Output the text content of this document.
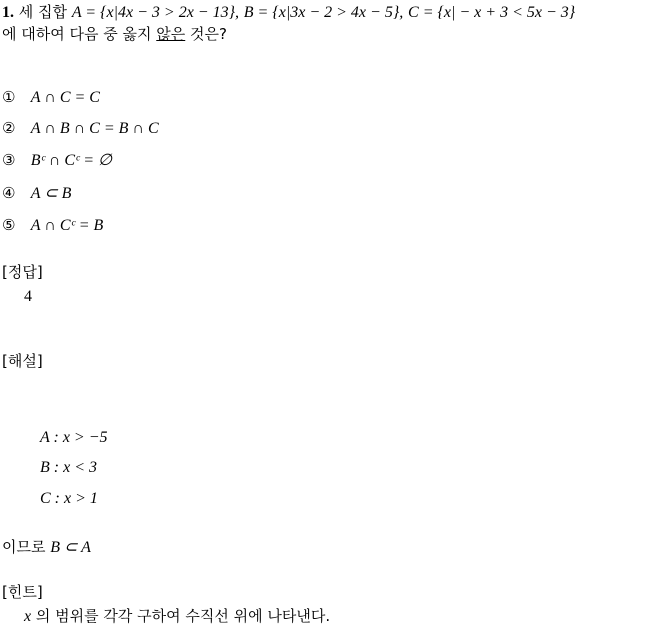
1. 세 집합 A = {x|4x − 3 > 2x − 13}, B = {x|3x − 2 > 4x − 5}, C = {x| − x + 3 < 5x − 3}
에 대하여 다음 중 옳지 않은 것은?
① A ∩ C = C
② A ∩ B ∩ C = B ∩ C
③ Bᶜ ∩ Cᶜ = ∅
④ A ⊂ B
⑤ A ∩ Cᶜ = B
[정답]
4
[해설]
A : x > −5
B : x < 3
C : x > 1
이므로 B ⊂ A
[힌트]
x 의 범위를 각각 구하여 수직선 위에 나타낸다.
